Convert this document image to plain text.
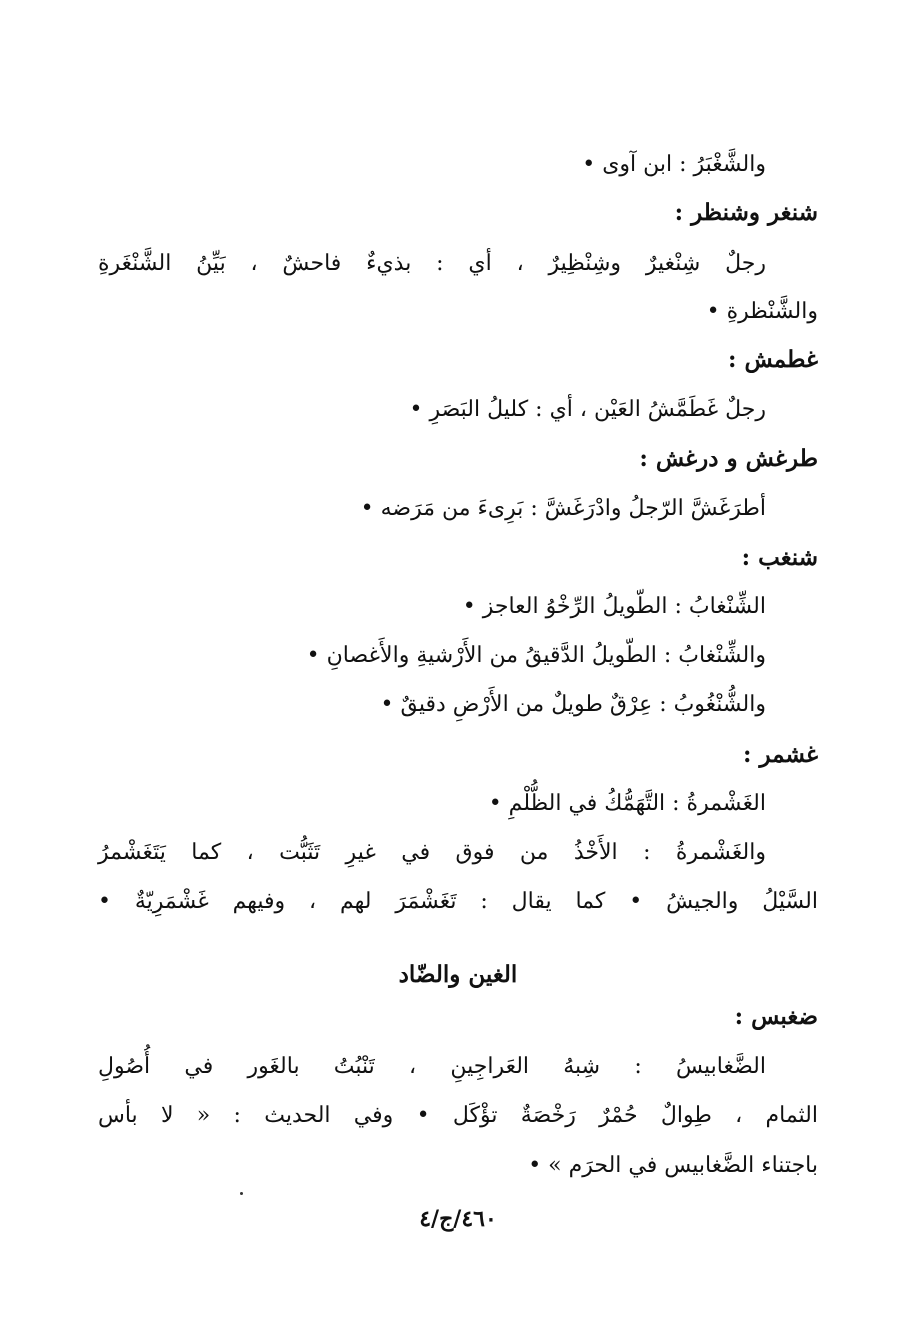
والشَّغْبَرُ : ابن آوى •
شنغر وشنظر :
رجلٌ شِنْغيرٌ وشِنْظِيرٌ ، أي : بذيءٌ فاحشٌ ، بَيِّنُ الشَّنْغَرةِ
والشَّنْظرةِ •
غطمش :
رجلٌ غَطَمَّشُ العَيْن ، أي : كليلُ البَصَرِ •
طرغش و درغش :
أطرَغَشَّ الرّجلُ وادْرَغَشَّ : بَرِىءَ من مَرَضه •
شنغب :
الشِّنْغابُ : الطّويلُ الرِّخْوُ العاجز •
والشِّنْغابُ : الطّويلُ الدَّقيقُ من الأَرْشيةِ والأَغصانِ •
والشُّنْغُوبُ : عِرْقٌ طويلٌ من الأَرْضِ دقيقٌ •
غشمر :
الغَشْمرةُ : التَّهَمُّكُ في الظُّلْمِ •
والغَشْمرةُ : الأَخْذُ من فوق في غيرِ تَثَبُّت ، كما يَتَغَشْمرُ
السَّيْلُ والجيشُ • كما يقال : تَغَشْمَرَ لهم ، وفيهم غَشْمَرِيّةٌ •
الغين والضّاد
ضغبس :
الضَّغابيسُ : شِبهُ العَراجِينِ ، تَنْبُتُ بالغَور في أُصُولِ
الثمام ، طِوالٌ حُمْرٌ رَخْصَةٌ تؤْكَل • وفي الحديث : « لا بأس
باجتناء الضَّغابيس في الحرَم » •
٤٦٠/ج/٤
